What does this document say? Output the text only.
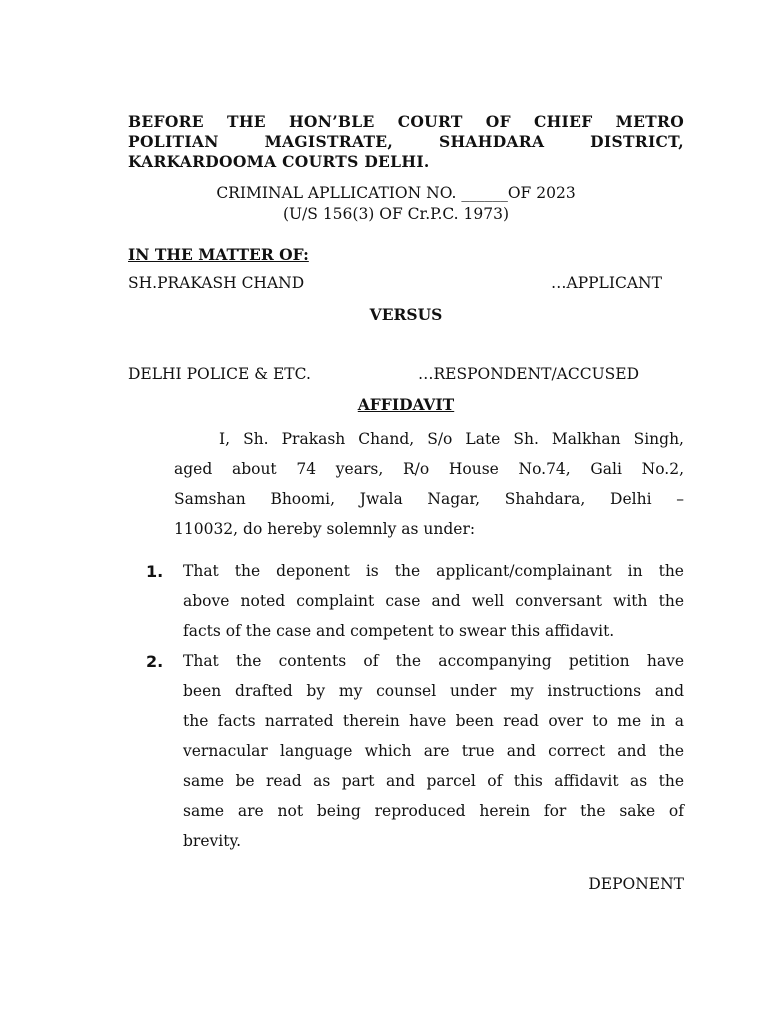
BEFORE THE HON’BLE COURT OF CHIEF METRO
POLITIAN MAGISTRATE, SHAHDARA DISTRICT,
KARKARDOOMA COURTS DELHI.
CRIMINAL APLLICATION NO. ______OF 2023
(U/S 156(3) OF Cr.P.C. 1973)
IN THE MATTER OF:
SH.PRAKASH CHAND	…APPLICANT
VERSUS
DELHI POLICE & ETC.	…RESPONDENT/ACCUSED
AFFIDAVIT
I, Sh. Prakash Chand, S/o Late Sh. Malkhan Singh,
aged about 74 years, R/o House No.74, Gali No.2,
Samshan Bhoomi, Jwala Nagar, Shahdara, Delhi –
110032, do hereby solemnly as under:
1. That the deponent is the applicant/complainant in the
above noted complaint case and well conversant with the
facts of the case and competent to swear this affidavit.
2. That the contents of the accompanying petition have
been drafted by my counsel under my instructions and
the facts narrated therein have been read over to me in a
vernacular language which are true and correct and the
same be read as part and parcel of this affidavit as the
same are not being reproduced herein for the sake of
brevity.
DEPONENT
